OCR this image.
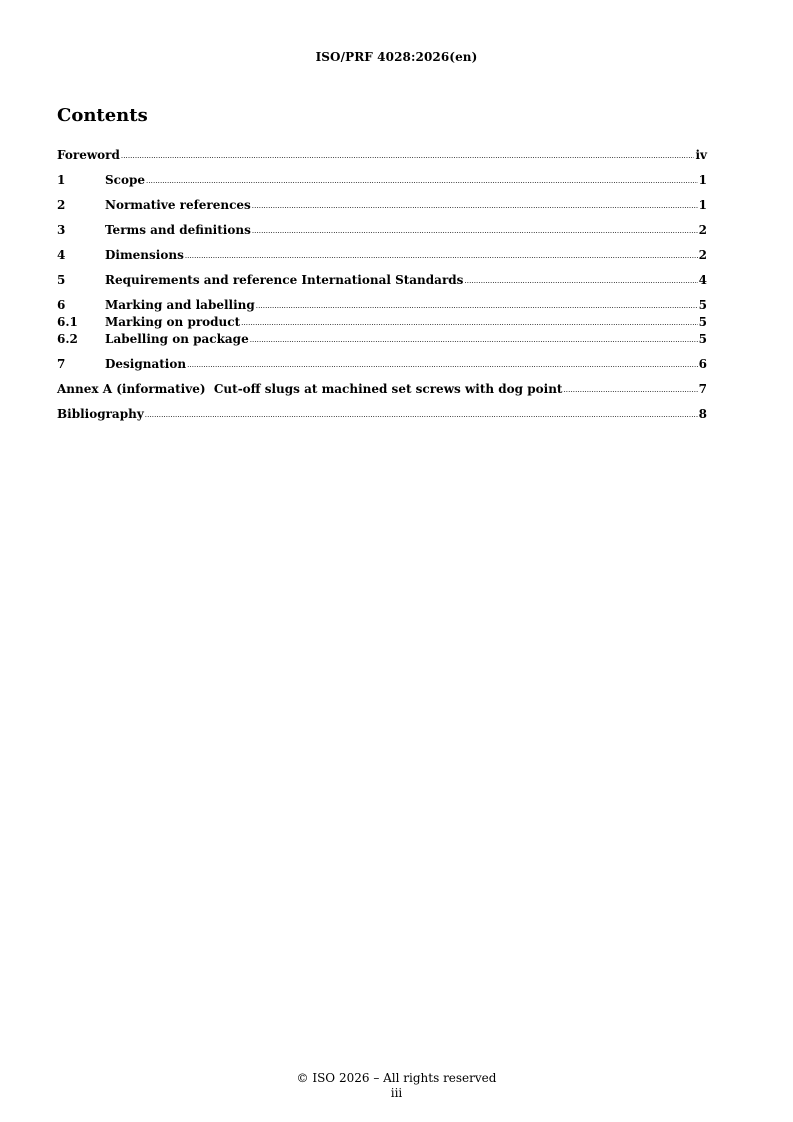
ISO/PRF 4028:2026(en)
Contents
Foreword .....	iv
1	Scope .....	1
2	Normative references .....	1
3	Terms and definitions .....	2
4	Dimensions .....	2
5	Requirements and reference International Standards .....	4
6	Marking and labelling .....	5
6.1	Marking on product .....	5
6.2	Labelling on package .....	5
7	Designation .....	6
Annex A (informative)  Cut-off slugs at machined set screws with dog point .....	7
Bibliography .....	8
© ISO 2026 – All rights reserved
iii
